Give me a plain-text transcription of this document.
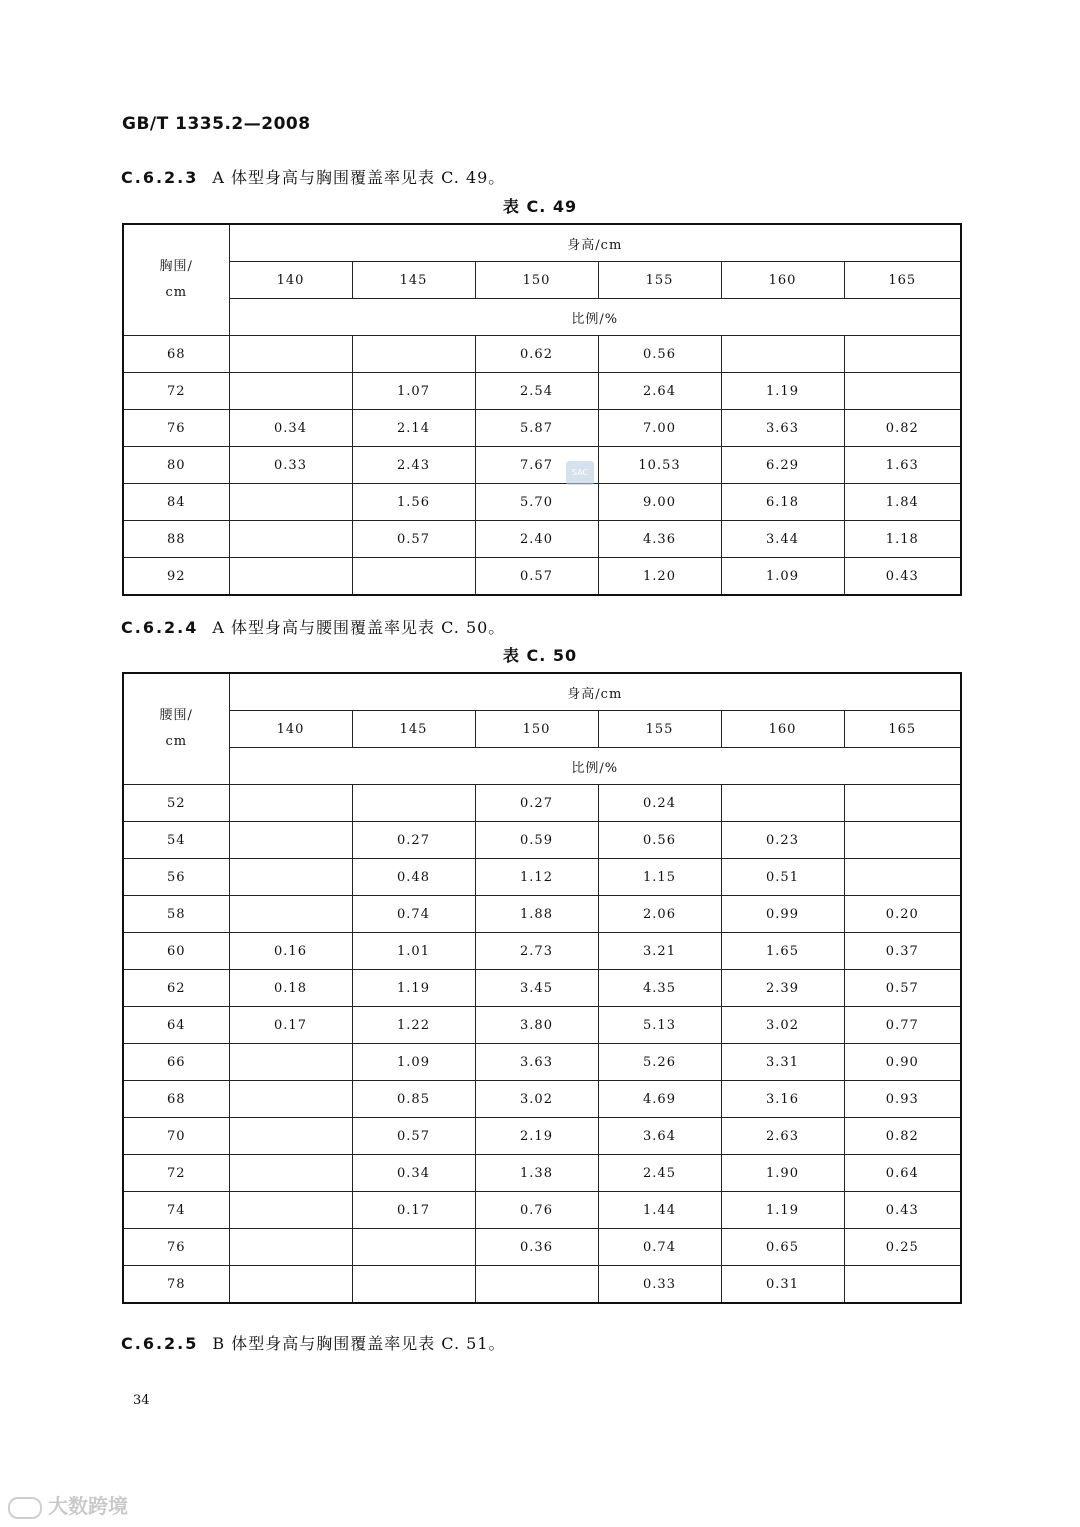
GB/T 1335.2—2008
C.6.2.3 A 体型身高与胸围覆盖率见表 C. 49。
表 C. 49
胸围/
cm	身高/cm					
	140	145	150	155	160	165
	比例/%					
68			0.62	0.56		
72		1.07	2.54	2.64	1.19	
76	0.34	2.14	5.87	7.00	3.63	0.82
80	0.33	2.43	7.67	10.53	6.29	1.63
84		1.56	5.70	9.00	6.18	1.84
88		0.57	2.40	4.36	3.44	1.18
92			0.57	1.20	1.09	0.43
SAC
C.6.2.4 A 体型身高与腰围覆盖率见表 C. 50。
表 C. 50
腰围/
cm	身高/cm					
	140	145	150	155	160	165
	比例/%					
52			0.27	0.24		
54		0.27	0.59	0.56	0.23	
56		0.48	1.12	1.15	0.51	
58		0.74	1.88	2.06	0.99	0.20
60	0.16	1.01	2.73	3.21	1.65	0.37
62	0.18	1.19	3.45	4.35	2.39	0.57
64	0.17	1.22	3.80	5.13	3.02	0.77
66		1.09	3.63	5.26	3.31	0.90
68		0.85	3.02	4.69	3.16	0.93
70		0.57	2.19	3.64	2.63	0.82
72		0.34	1.38	2.45	1.90	0.64
74		0.17	0.76	1.44	1.19	0.43
76			0.36	0.74	0.65	0.25
78				0.33	0.31	
C.6.2.5 B 体型身高与胸围覆盖率见表 C. 51。
34
大数跨境
